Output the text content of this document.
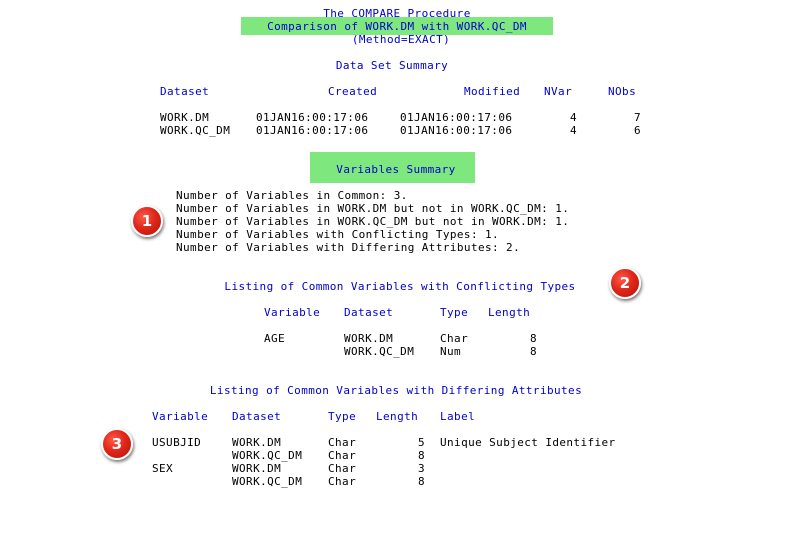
The COMPARE Procedure
Comparison of WORK.DM with WORK.QC_DM
(Method=EXACT)
Data Set Summary
Dataset	Created	Modified NVar	NObs
WORK.DM	01JAN16:00:17:06	01JAN16:00:17:06	4	7
WORK.QC_DM 01JAN16:00:17:06	01JAN16:00:17:06	4	6
Variables Summary
Number of Variables in Common: 3.
Number of Variables in WORK.DM but not in WORK.QC_DM: 1.
Number of Variables in WORK.QC_DM but not in WORK.DM: 1.
Number of Variables with Conflicting Types: 1.
Number of Variables with Differing Attributes: 2.
1
Listing of Common Variables with Conflicting Types	2
Variable Dataset	Type Length
AGE	WORK.DM	Char	8
WORK.QC_DM Num	8
Listing of Common Variables with Differing Attributes
Variable Dataset	Type Length Label
USUBJID	WORK.DM	Char	5 Unique Subject Identifier
WORK.QC_DM Char	8
SEX	WORK.DM	Char	3
WORK.QC_DM Char	8
3
